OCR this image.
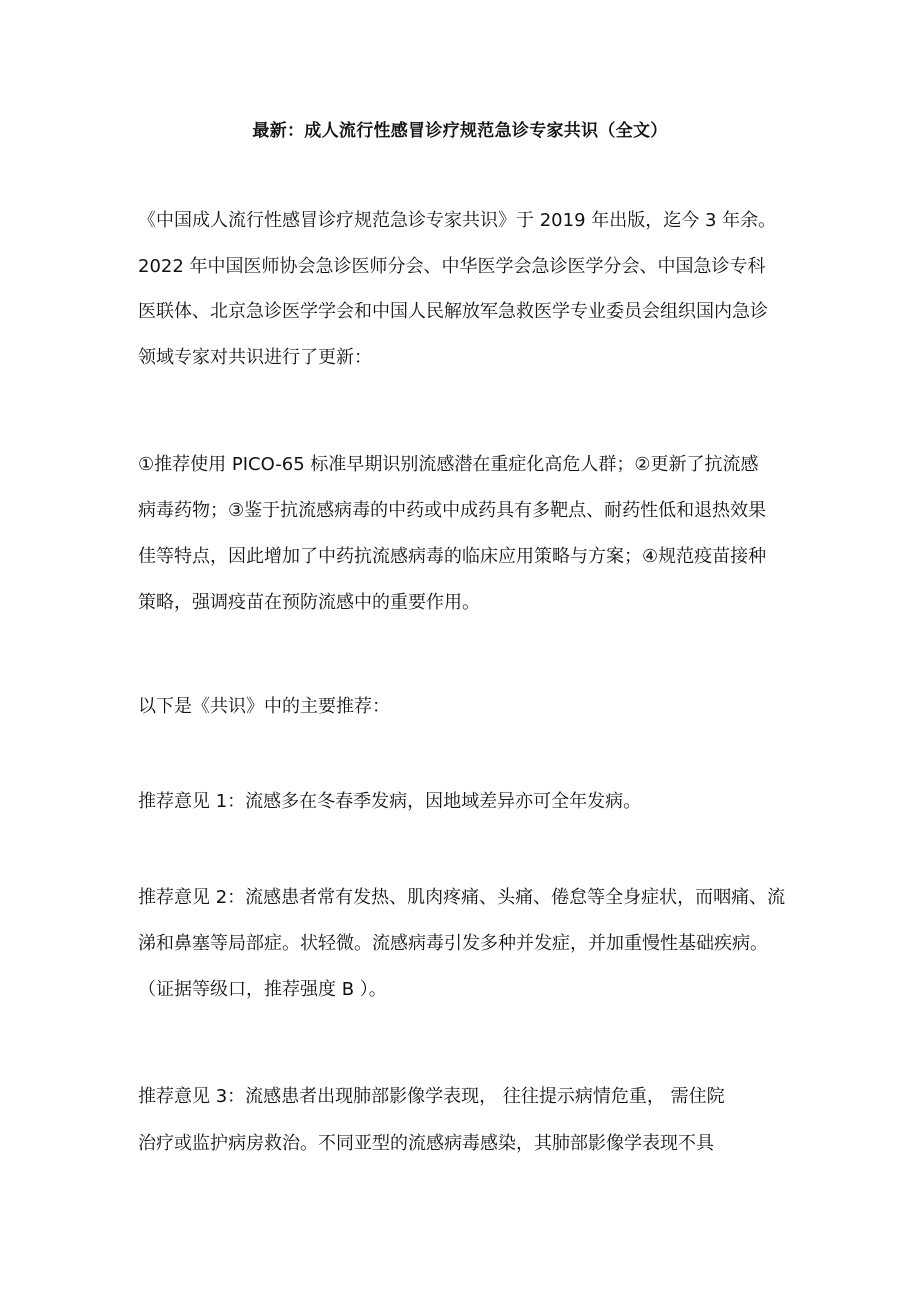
最新：成人流行性感冒诊疗规范急诊专家共识（全文）
《中国成人流行性感冒诊疗规范急诊专家共识》于 2019 年出版，迄今 3 年余。
2022 年中国医师协会急诊医师分会、中华医学会急诊医学分会、中国急诊专科
医联体、北京急诊医学学会和中国人民解放军急救医学专业委员会组织国内急诊
领域专家对共识进行了更新：
①推荐使用 PICO-65 标准早期识别流感潜在重症化高危人群；②更新了抗流感
病毒药物；③鉴于抗流感病毒的中药或中成药具有多靶点、耐药性低和退热效果
佳等特点，因此增加了中药抗流感病毒的临床应用策略与方案；④规范疫苗接种
策略，强调疫苗在预防流感中的重要作用。
以下是《共识》中的主要推荐：
推荐意见 1：流感多在冬春季发病，因地域差异亦可全年发病。
推荐意见 2：流感患者常有发热、肌肉疼痛、头痛、倦怠等全身症状，而咽痛、流
涕和鼻塞等局部症。状轻微。流感病毒引发多种并发症，并加重慢性基础疾病。
（证据等级口，推荐强度 B ）。
推荐意见 3：流感患者出现肺部影像学表现， 往往提示病情危重， 需住院
治疗或监护病房救治。不同亚型的流感病毒感染，其肺部影像学表现不具
